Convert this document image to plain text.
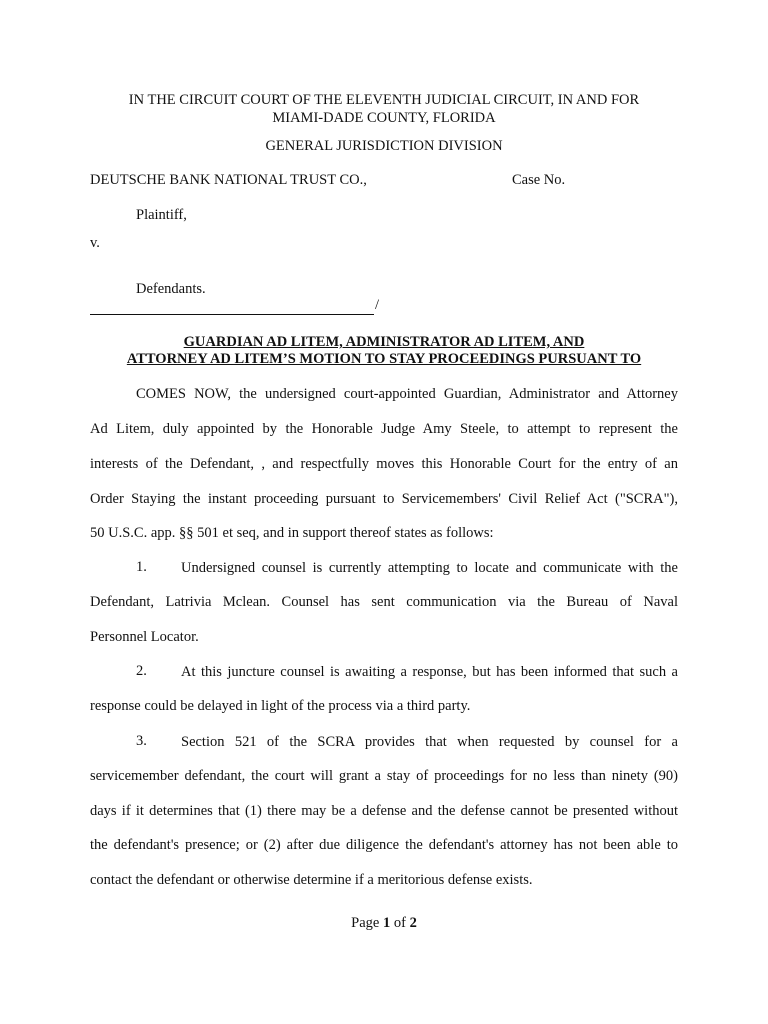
IN THE CIRCUIT COURT OF THE ELEVENTH JUDICIAL CIRCUIT, IN AND FOR
MIAMI-DADE COUNTY, FLORIDA
GENERAL JURISDICTION DIVISION
DEUTSCHE BANK NATIONAL TRUST CO.,	Case No.
Plaintiff,
v.
Defendants.
/
GUARDIAN AD LITEM, ADMINISTRATOR AD LITEM, AND
ATTORNEY AD LITEM’S MOTION TO STAY PROCEEDINGS PURSUANT TO
COMES NOW, the undersigned court-appointed Guardian, Administrator and Attorney
Ad Litem, duly appointed by the Honorable Judge Amy Steele, to attempt to represent the
interests of the Defendant, , and respectfully moves this Honorable Court for the entry of an
Order Staying the instant proceeding pursuant to Servicemembers' Civil Relief Act ("SCRA"),
50 U.S.C. app. §§ 501 et seq, and in support thereof states as follows:
1. Undersigned counsel is currently attempting to locate and communicate with the
Defendant, Latrivia Mclean. Counsel has sent communication via the Bureau of Naval
Personnel Locator.
2. At this juncture counsel is awaiting a response, but has been informed that such a
response could be delayed in light of the process via a third party.
3. Section 521 of the SCRA provides that when requested by counsel for a
servicemember defendant, the court will grant a stay of proceedings for no less than ninety (90)
days if it determines that (1) there may be a defense and the defense cannot be presented without
the defendant's presence; or (2) after due diligence the defendant's attorney has not been able to
contact the defendant or otherwise determine if a meritorious defense exists.
Page 1 of 2
